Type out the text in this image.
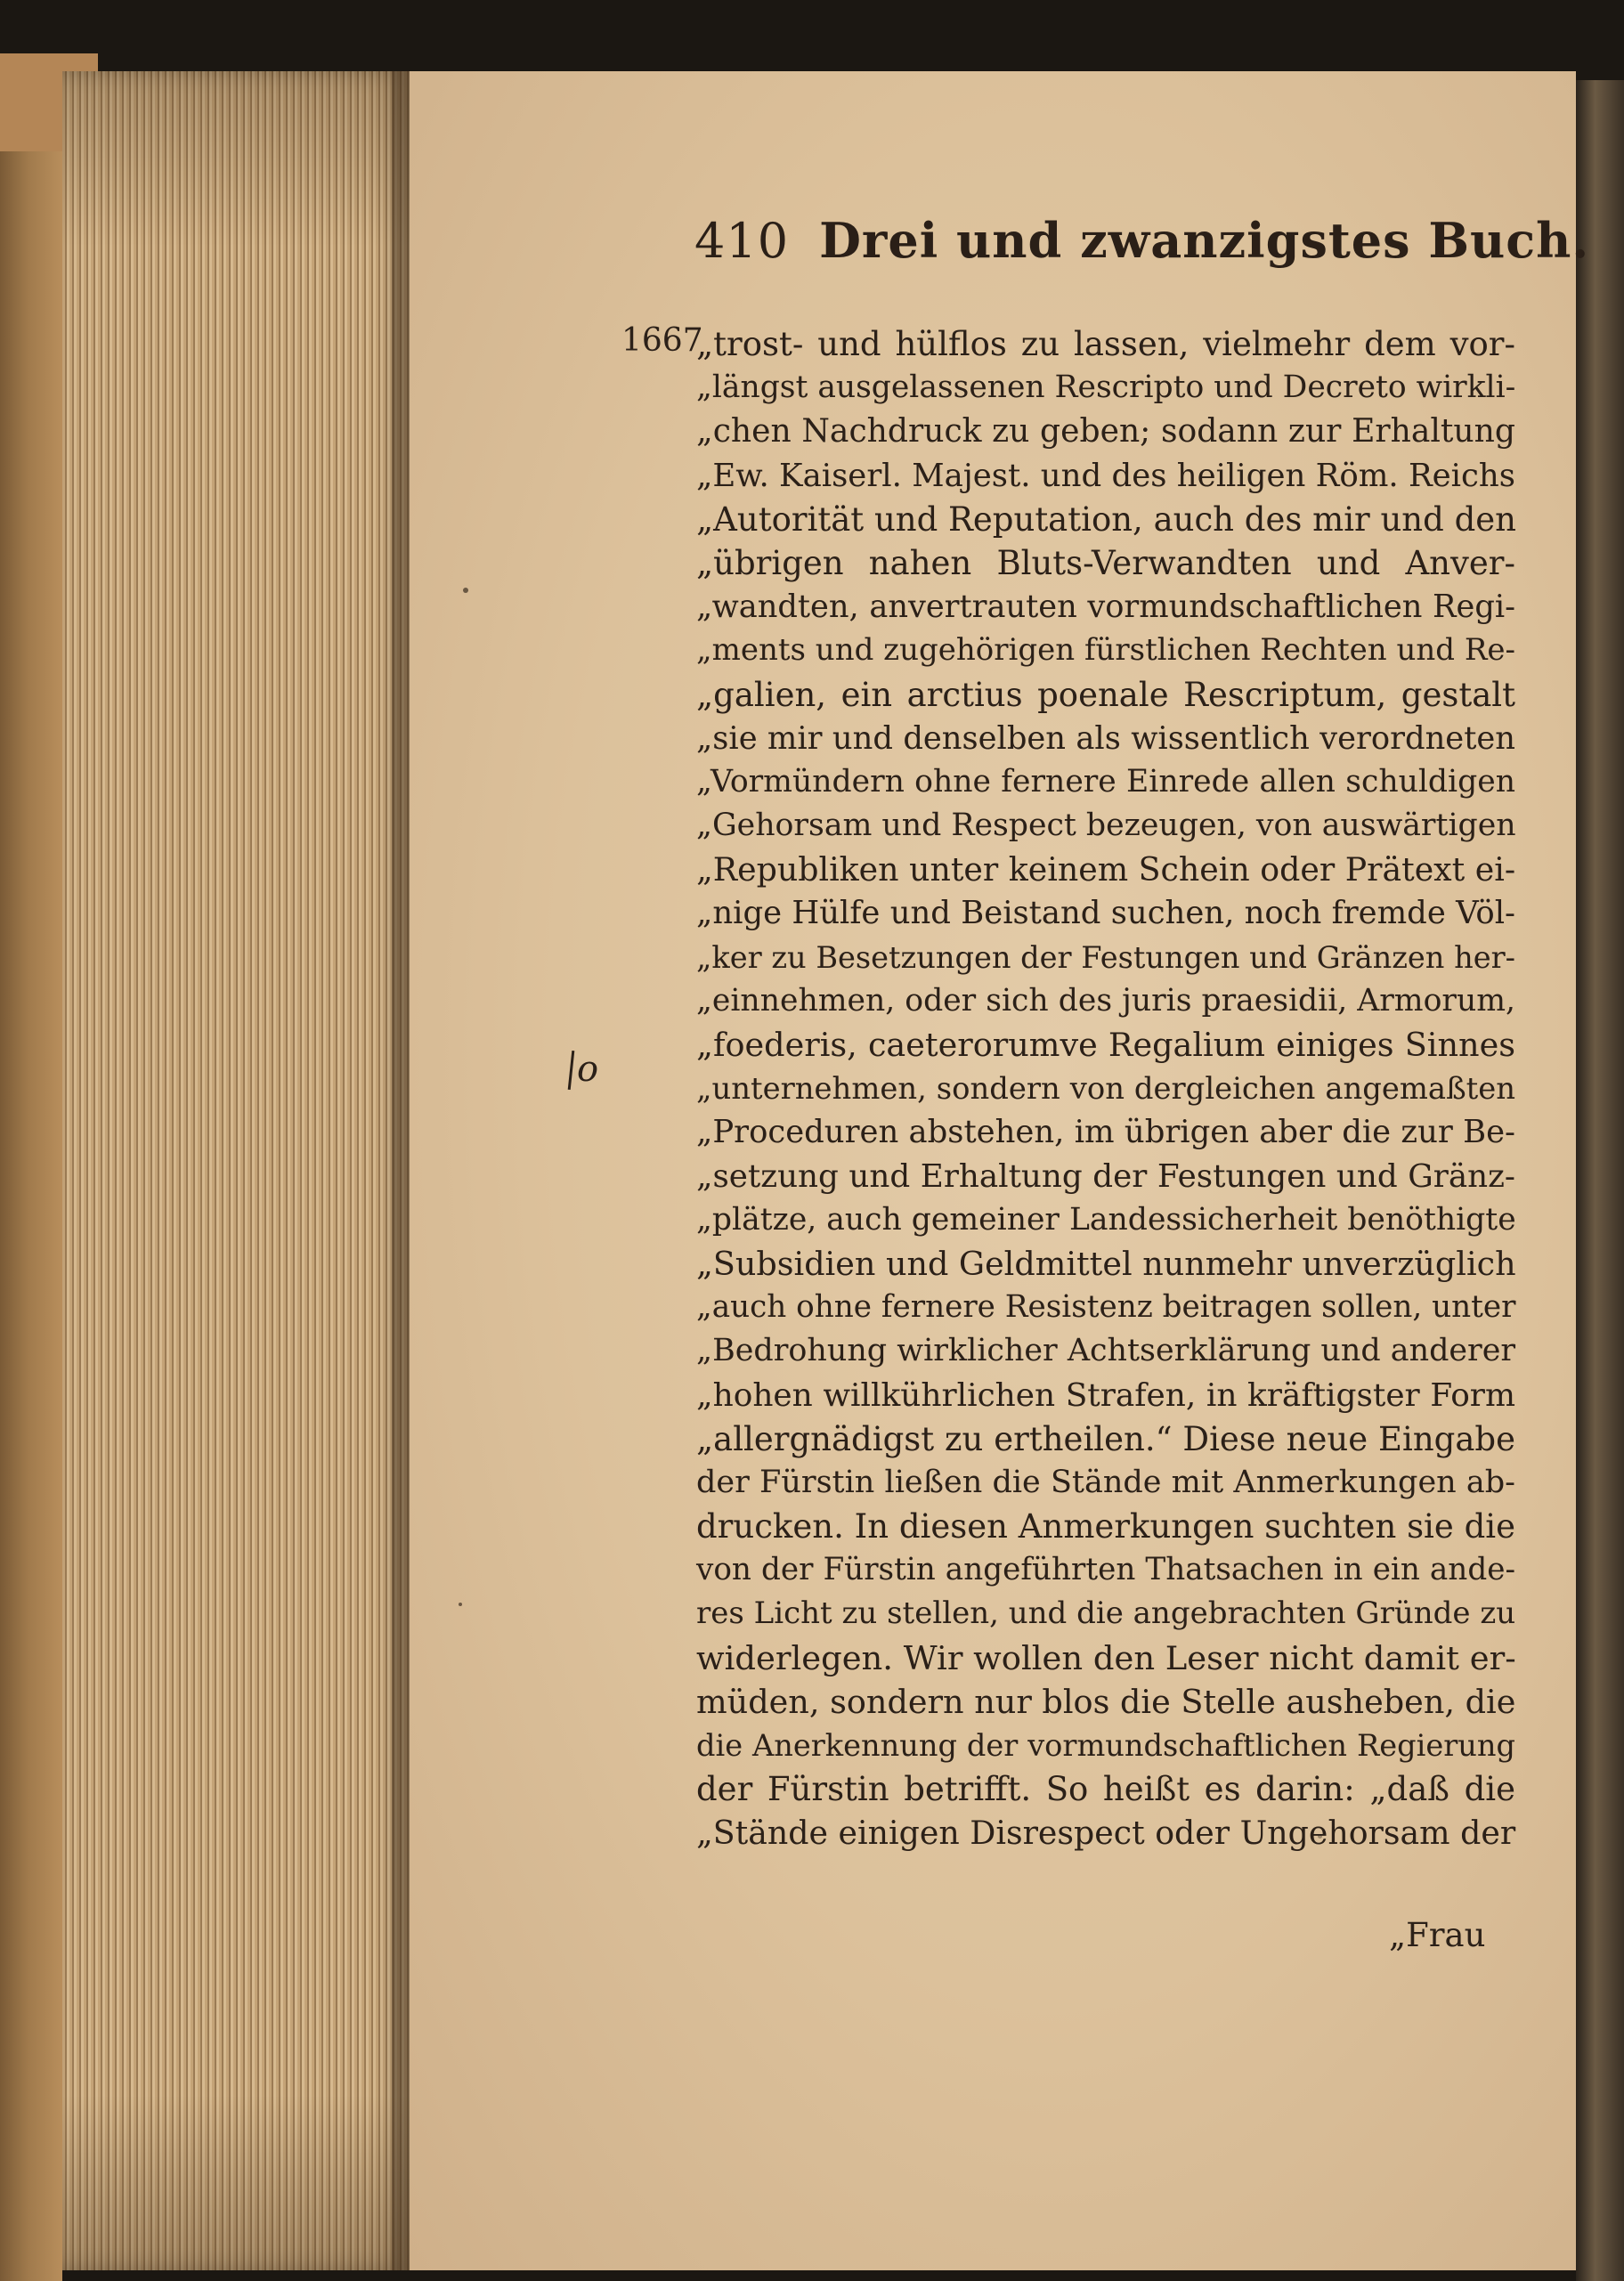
410 Drei und zwanzigstes Buch.
1667
o
„trost- und hülflos zu lassen, vielmehr dem vor-
„längst ausgelassenen Rescripto und Decreto wirkli-
„chen Nachdruck zu geben; sodann zur Erhaltung
„Ew. Kaiserl. Majest. und des heiligen Röm. Reichs
„Autorität und Reputation, auch des mir und den
„übrigen nahen Bluts-Verwandten und Anver-
„wandten, anvertrauten vormundschaftlichen Regi-
„ments und zugehörigen fürstlichen Rechten und Re-
„galien, ein arctius poenale Rescriptum, gestalt
„sie mir und denselben als wissentlich verordneten
„Vormündern ohne fernere Einrede allen schuldigen
„Gehorsam und Respect bezeugen, von auswärtigen
„Republiken unter keinem Schein oder Prätext ei-
„nige Hülfe und Beistand suchen, noch fremde Völ-
„ker zu Besetzungen der Festungen und Gränzen her-
„einnehmen, oder sich des juris praesidii, Armorum,
„foederis, caeterorumve Regalium einiges Sinnes
„unternehmen, sondern von dergleichen angemaßten
„Proceduren abstehen, im übrigen aber die zur Be-
„setzung und Erhaltung der Festungen und Gränz-
„plätze, auch gemeiner Landessicherheit benöthigte
„Subsidien und Geldmittel nunmehr unverzüglich
„auch ohne fernere Resistenz beitragen sollen, unter
„Bedrohung wirklicher Achtserklärung und anderer
„hohen willkührlichen Strafen, in kräftigster Form
„allergnädigst zu ertheilen.“ Diese neue Eingabe
der Fürstin ließen die Stände mit Anmerkungen ab-
drucken. In diesen Anmerkungen suchten sie die
von der Fürstin angeführten Thatsachen in ein ande-
res Licht zu stellen, und die angebrachten Gründe zu
widerlegen. Wir wollen den Leser nicht damit er-
müden, sondern nur blos die Stelle ausheben, die
die Anerkennung der vormundschaftlichen Regierung
der Fürstin betrifft. So heißt es darin: „daß die
„Stände einigen Disrespect oder Ungehorsam der
„Frau
